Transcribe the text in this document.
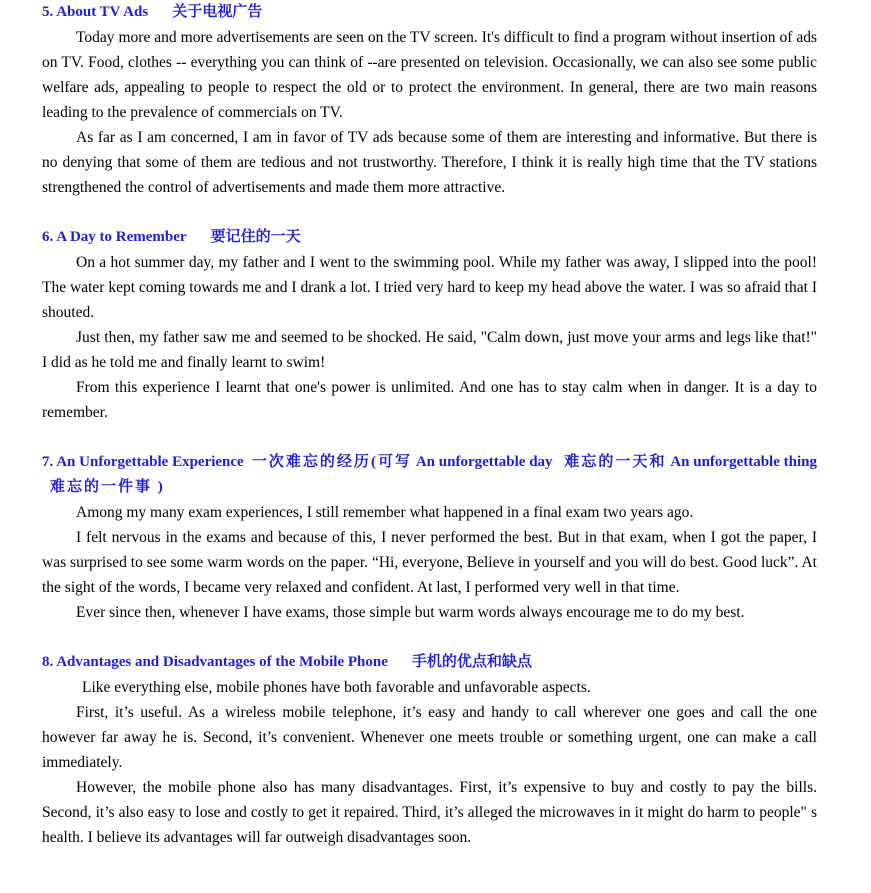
5. About TV Ads 关于电视广告

Today more and more advertisements are seen on the TV screen. It's difficult to find a program without insertion of ads on TV. Food, clothes -- everything you can think of --are presented on television. Occasionally, we can also see some public welfare ads, appealing to people to respect the old or to protect the environment. In general, there are two main reasons leading to the prevalence of commercials on TV.

As far as I am concerned, I am in favor of TV ads because some of them are interesting and informative. But there is no denying that some of them are tedious and not trustworthy. Therefore, I think it is really high time that the TV stations strengthened the control of advertisements and made them more attractive.

6. A Day to Remember 要记住的一天

On a hot summer day, my father and I went to the swimming pool. While my father was away, I slipped into the pool! The water kept coming towards me and I drank a lot. I tried very hard to keep my head above the water. I was so afraid that I shouted.

Just then, my father saw me and seemed to be shocked. He said, "Calm down, just move your arms and legs like that!" I did as he told me and finally learnt to swim!

From this experience I learnt that one's power is unlimited. And one has to stay calm when in danger. It is a day to remember.

7. An Unforgettable Experience 一次难忘的经历(可写 An unforgettable day 难忘的一天和 An unforgettable thing 难忘的一件事 )

Among my many exam experiences, I still remember what happened in a final exam two years ago.

I felt nervous in the exams and because of this, I never performed the best. But in that exam, when I got the paper, I was surprised to see some warm words on the paper. “Hi, everyone, Believe in yourself and you will do best. Good luck”. At the sight of the words, I became very relaxed and confident. At last, I performed very well in that time.

Ever since then, whenever I have exams, those simple but warm words always encourage me to do my best.

8. Advantages and Disadvantages of the Mobile Phone 手机的优点和缺点

Like everything else, mobile phones have both favorable and unfavorable aspects.

First, it’s useful. As a wireless mobile telephone, it’s easy and handy to call wherever one goes and call the one however far away he is. Second, it’s convenient. Whenever one meets trouble or something urgent, one can make a call immediately.

However, the mobile phone also has many disadvantages. First, it’s expensive to buy and costly to pay the bills. Second, it’s also easy to lose and costly to get it repaired. Third, it’s alleged the microwaves in it might do harm to people" s health. I believe its advantages will far outweigh disadvantages soon.
